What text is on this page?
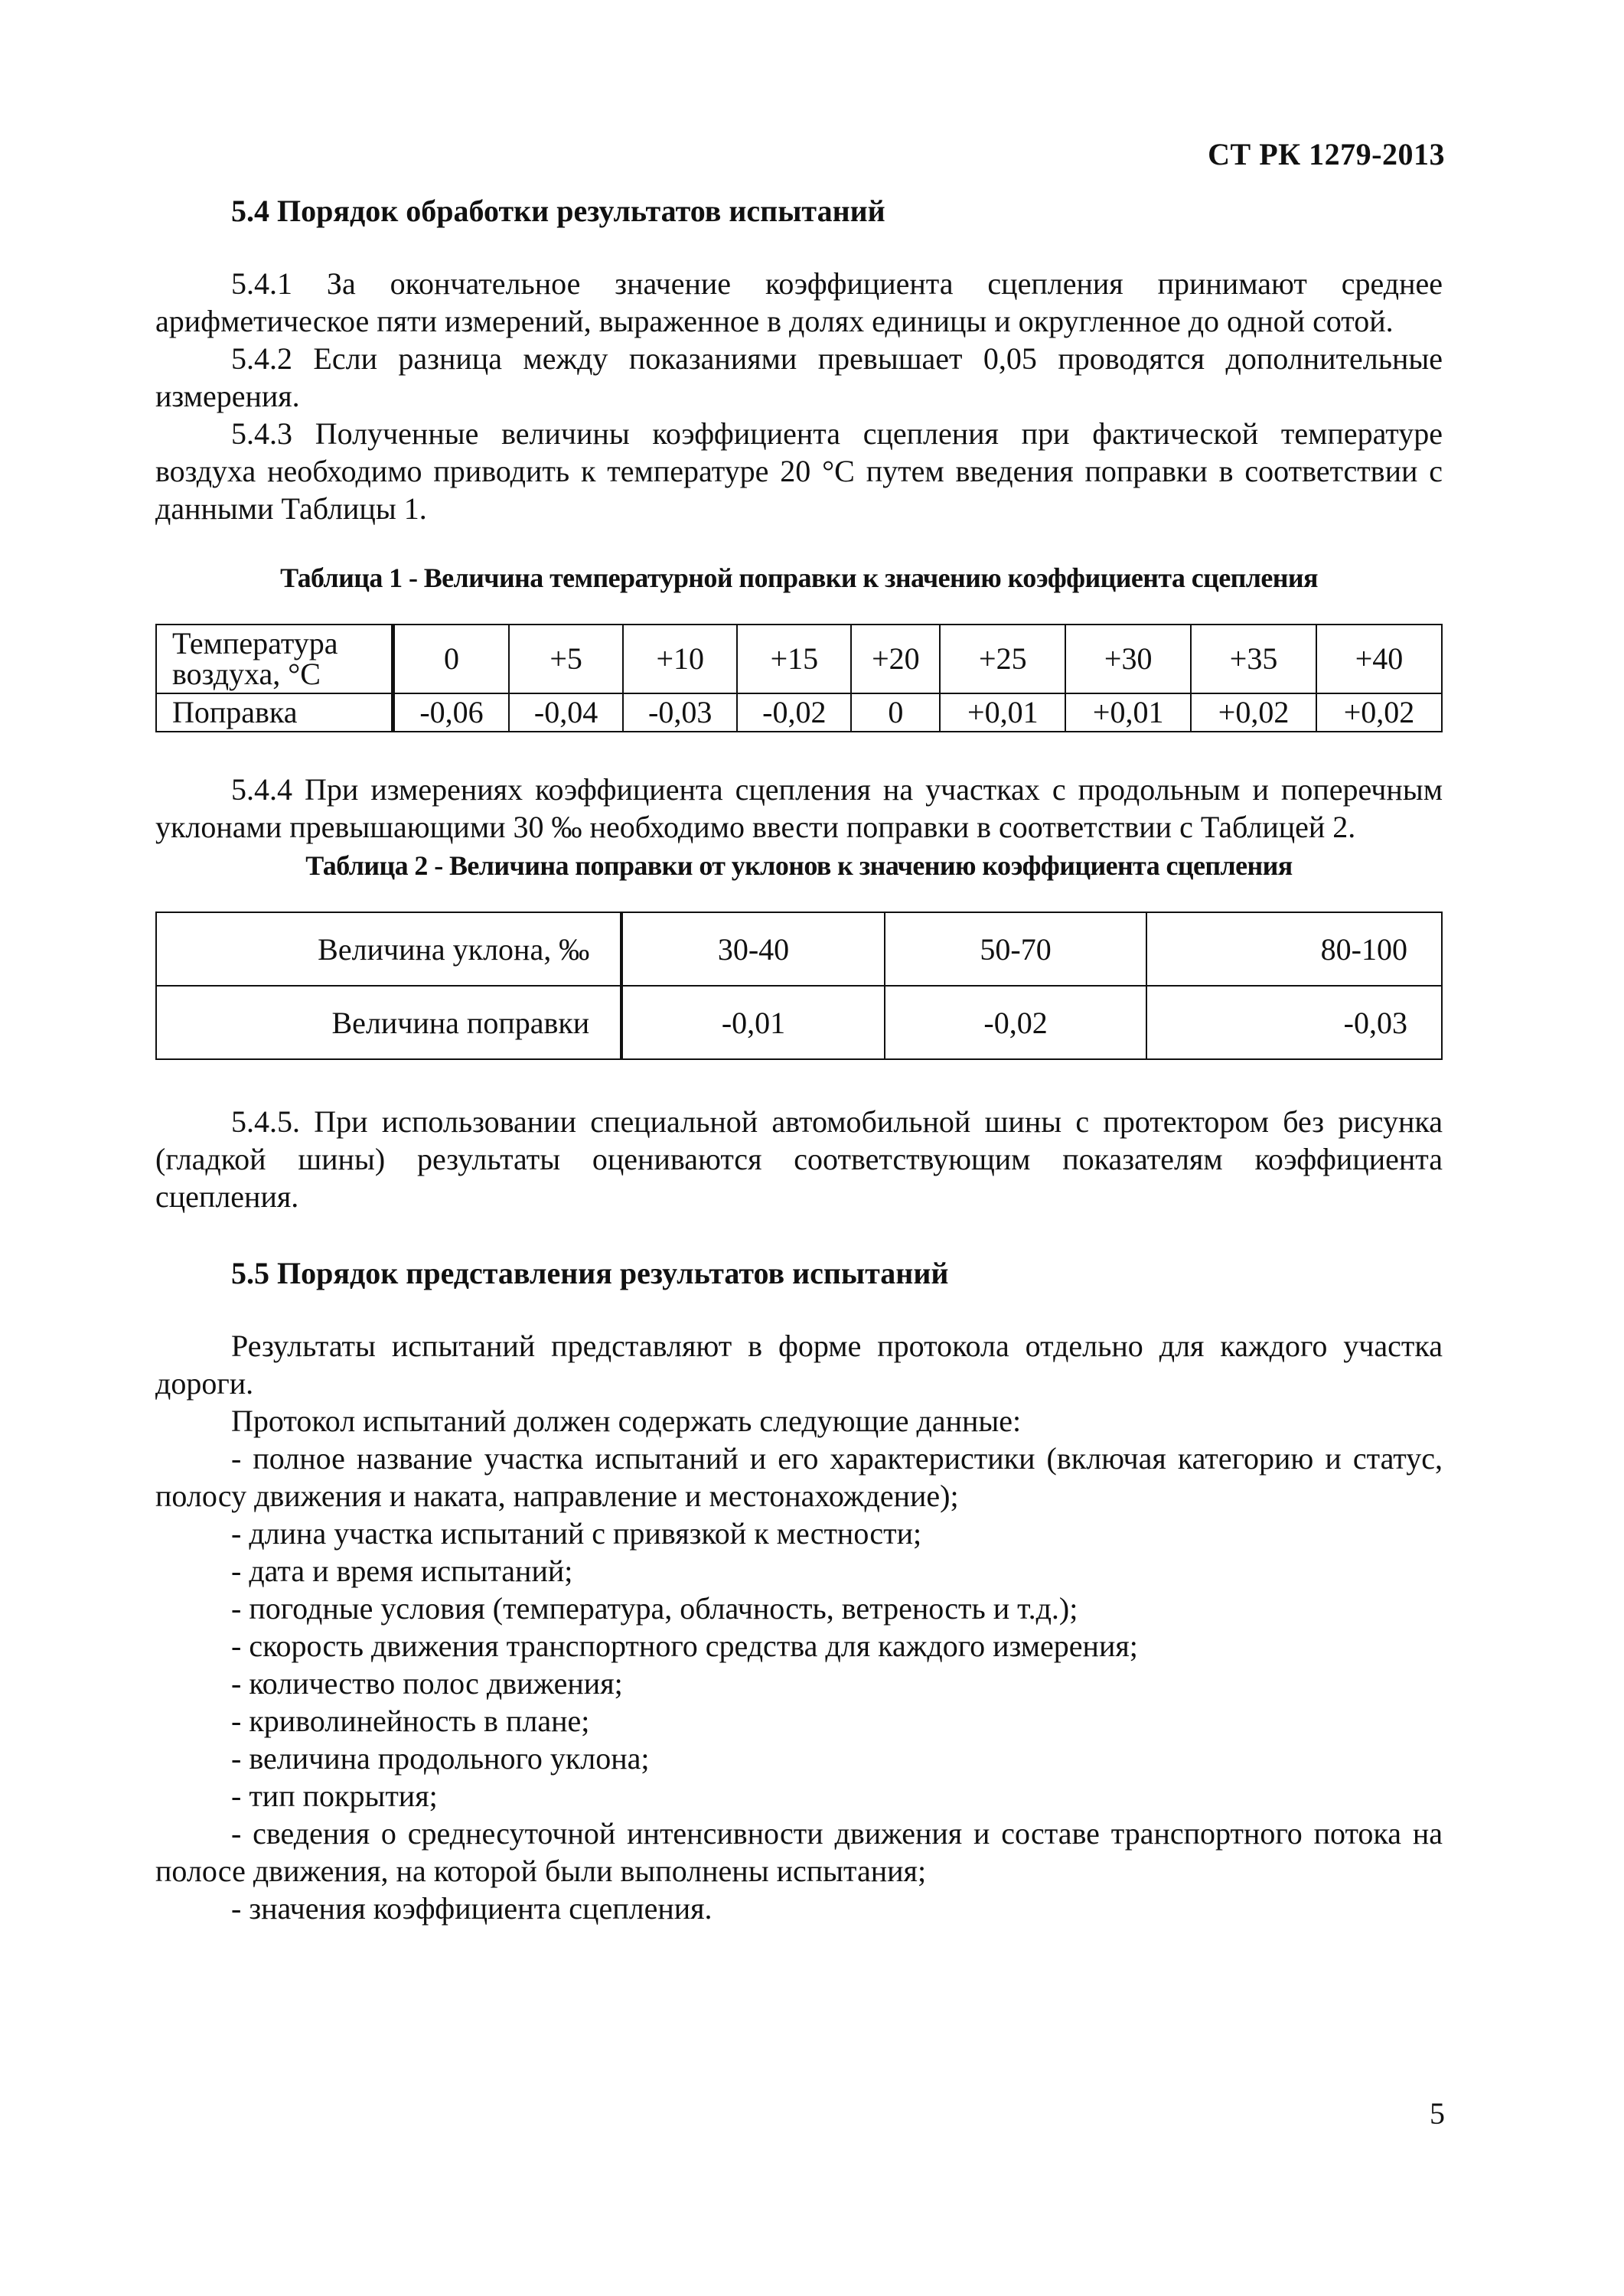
СТ РК 1279-2013
5.4 Порядок обработки результатов испытаний

5.4.1 За окончательное значение коэффициента сцепления принимают среднее арифметическое пяти измерений, выраженное в долях единицы и округленное до одной сотой.

5.4.2 Если разница между показаниями превышает 0,05 проводятся дополнительные измерения.

5.4.3 Полученные величины коэффициента сцепления при фактической температуре воздуха необходимо приводить к температуре 20 °С путем введения поправки в соответствии с данными Таблицы 1.

Таблица 1 - Величина температурной поправки к значению коэффициента сцепления
Температура воздуха, °С	0	+5	+10	+15	+20	+25	+30	+35	+40
Поправка	-0,06	-0,04	-0,03	-0,02	0	+0,01	+0,01	+0,02	+0,02

5.4.4 При измерениях коэффициента сцепления на участках с продольным и поперечным уклонами превышающими 30 ‰ необходимо ввести поправки в соответствии с Таблицей 2.

Таблица 2 - Величина поправки от уклонов к значению коэффициента сцепления
Величина уклона, ‰	30-40	50-70	80-100
Величина поправки	-0,01	-0,02	-0,03

5.4.5. При использовании специальной автомобильной шины с протектором без рисунка (гладкой шины) результаты оцениваются соответствующим показателям коэффициента сцепления.

5.5 Порядок представления результатов испытаний

Результаты испытаний представляют в форме протокола отдельно для каждого участка дороги.

Протокол испытаний должен содержать следующие данные:

- полное название участка испытаний и его характеристики (включая категорию и статус, полосу движения и наката, направление и местонахождение);
- длина участка испытаний с привязкой к местности;
- дата и время испытаний;
- погодные условия (температура, облачность, ветреность и т.д.);
- скорость движения транспортного средства для каждого измерения;
- количество полос движения;
- криволинейность в плане;
- величина продольного уклона;
- тип покрытия;
- сведения о среднесуточной интенсивности движения и составе транспортного потока на полосе движения, на которой были выполнены испытания;
- значения коэффициента сцепления.
5
